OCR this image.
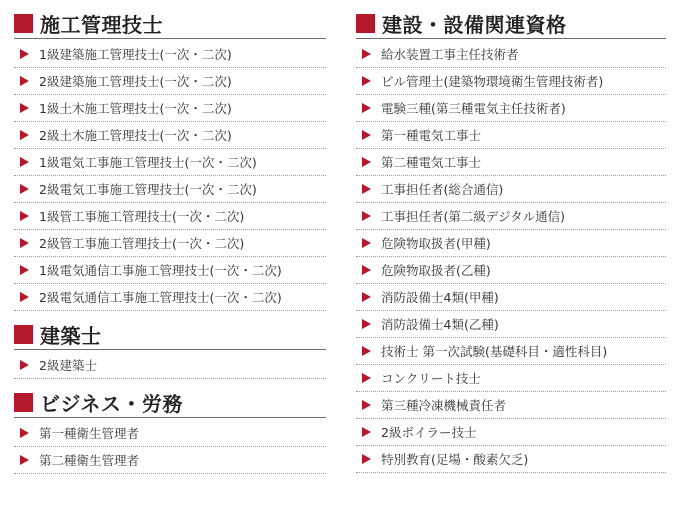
施工管理技士
1級建築施工管理技士(一次・二次)
2級建築施工管理技士(一次・二次)
1級土木施工管理技士(一次・二次)
2級土木施工管理技士(一次・二次)
1級電気工事施工管理技士(一次・二次)
2級電気工事施工管理技士(一次・二次)
1級管工事施工管理技士(一次・二次)
2級管工事施工管理技士(一次・二次)
1級電気通信工事施工管理技士(一次・二次)
2級電気通信工事施工管理技士(一次・二次)
建築士
2級建築士
ビジネス・労務
第一種衛生管理者
第二種衛生管理者
建設・設備関連資格
給水装置工事主任技術者
ビル管理士(建築物環境衛生管理技術者)
電験三種(第三種電気主任技術者)
第一種電気工事士
第二種電気工事士
工事担任者(総合通信)
工事担任者(第二級デジタル通信)
危険物取扱者(甲種)
危険物取扱者(乙種)
消防設備士4類(甲種)
消防設備士4類(乙種)
技術士 第一次試験(基礎科目・適性科目)
コンクリート技士
第三種冷凍機械責任者
2級ボイラー技士
特別教育(足場・酸素欠乏)
